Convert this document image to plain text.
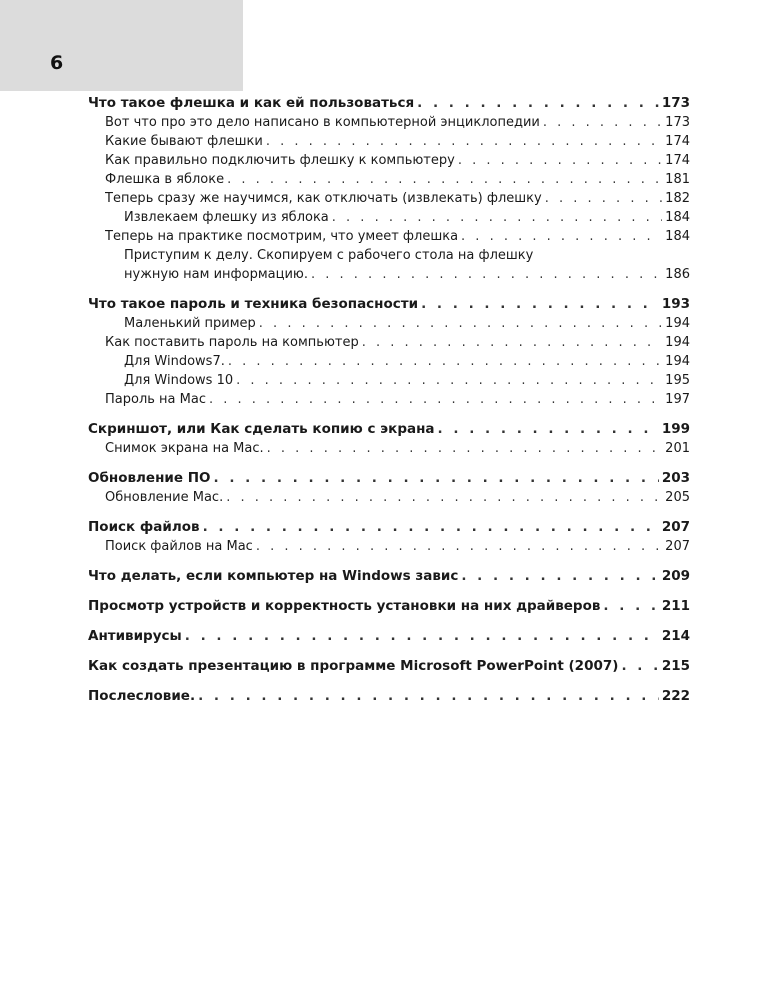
6
Что такое флешка и как ей пользоваться . . .	173
Вот что про это дело написано в компьютерной энциклопедии . . .	173
Какие бывают флешки . . .	174
Как правильно подключить флешку к компьютеру . . .	174
Флешка в яблоке . . .	181
Теперь сразу же научимся, как отключать (извлекать) флешку . . .	182
Извлекаем флешку из яблока . . .	184
Теперь на практике посмотрим, что умеет флешка . . .	184
Приступим к делу. Скопируем с рабочего стола на флешку
нужную нам информацию. . . .	186
Что такое пароль и техника безопасности . . .	193
Маленький пример . . .	194
Как поставить пароль на компьютер . . .	194
Для Windows7. . . .	194
Для Windows 10 . . .	195
Пароль на Mac . . .	197
Скриншот, или Как сделать копию с экрана . . .	199
Снимок экрана на Mac. . . .	201
Обновление ПО . . .	203
Обновление Mac. . . .	205
Поиск файлов . . .	207
Поиск файлов на Mac . . .	207
Что делать, если компьютер на Windows завис . . .	209
Просмотр устройств и корректность установки на них драйверов . . .	211
Антивирусы . . .	214
Как создать презентацию в программе Microsoft PowerPoint (2007) . . .	215
Послесловие. . . .	222
